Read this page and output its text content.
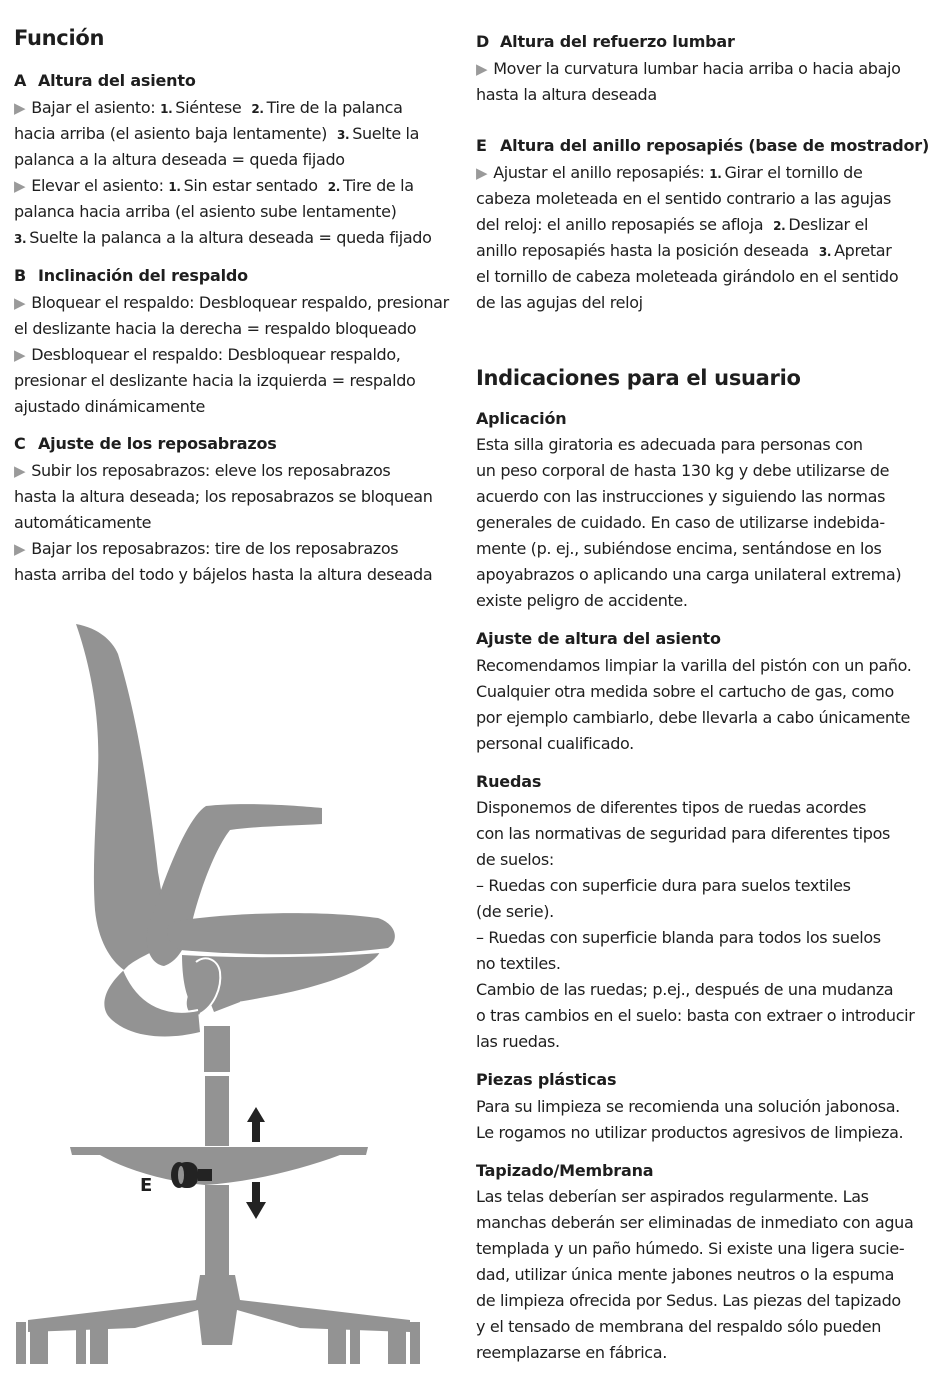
Función
A Altura del asiento
▶ Bajar el asiento: 1. Siéntese 2. Tire de la palanca
hacia arriba (el asiento baja lentamente) 3. Suelte la
palanca a la altura deseada = queda fijado
▶ Elevar el asiento: 1. Sin estar sentado 2. Tire de la
palanca hacia arriba (el asiento sube lentamente)
3. Suelte la palanca a la altura deseada = queda fijado
B Inclinación del respaldo
▶ Bloquear el respaldo: Desbloquear respaldo, presionar
el deslizante hacia la derecha = respaldo bloqueado
▶ Desbloquear el respaldo: Desbloquear respaldo,
presionar el deslizante hacia la izquierda = respaldo
ajustado dinámicamente
C Ajuste de los reposabrazos
▶ Subir los reposabrazos: eleve los reposabrazos
hasta la altura deseada; los reposabrazos se bloquean
automáticamente
▶ Bajar los reposabrazos: tire de los reposabrazos
hasta arriba del todo y bájelos hasta la altura deseada
E
D Altura del refuerzo lumbar
▶ Mover la curvatura lumbar hacia arriba o hacia abajo
hasta la altura deseada
E Altura del anillo reposapiés (base de mostrador)
▶ Ajustar el anillo reposapiés: 1. Girar el tornillo de
cabeza moleteada en el sentido contrario a las agujas
del reloj: el anillo reposapiés se afloja 2. Deslizar el
anillo reposapiés hasta la posición deseada 3. Apretar
el tornillo de cabeza moleteada girándolo en el sentido
de las agujas del reloj
Indicaciones para el usuario
Aplicación
Esta silla giratoria es adecuada para personas con
un peso corporal de hasta 130 kg y debe utilizarse de
acuerdo con las instrucciones y siguiendo las normas
generales de cuidado. En caso de utilizarse indebida-
mente (p. ej., subiéndose encima, sentándose en los
apoyabrazos o aplicando una carga unilateral extrema)
existe peligro de accidente.
Ajuste de altura del asiento
Recomendamos limpiar la varilla del pistón con un paño.
Cualquier otra medida sobre el cartucho de gas, como
por ejemplo cambiarlo, debe llevarla a cabo únicamente
personal cualificado.
Ruedas
Disponemos de diferentes tipos de ruedas acordes
con las normativas de seguridad para diferentes tipos
de suelos:
– Ruedas con superficie dura para suelos textiles
(de serie).
– Ruedas con superficie blanda para todos los suelos
no textiles.
Cambio de las ruedas; p.ej., después de una mudanza
o tras cambios en el suelo: basta con extraer o introducir
las ruedas.
Piezas plásticas
Para su limpieza se recomienda una solución jabonosa.
Le rogamos no utilizar productos agresivos de limpieza.
Tapizado/Membrana
Las telas deberían ser aspirados regularmente. Las
manchas deberán ser eliminadas de inmediato con agua
templada y un paño húmedo. Si existe una ligera sucie-
dad, utilizar única mente jabones neutros o la espuma
de limpieza ofrecida por Sedus. Las piezas del tapizado
y el tensado de membrana del respaldo sólo pueden
reemplazarse en fábrica.
